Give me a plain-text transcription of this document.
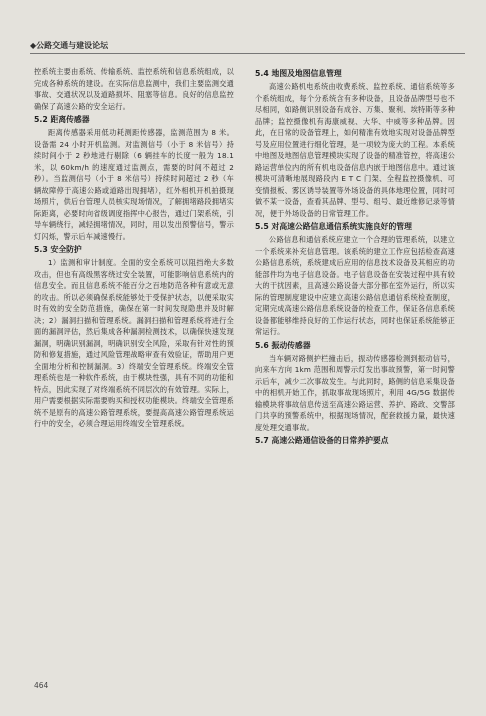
◆公路交通与建设论坛

控系统主要由系统、传输系统、监控系统和信息系统组成，以完成各种系统的建设。在实际信息监测中，我们主要监测交通事故、交通状况以及道路损坏、阻塞等信息。良好的信息监控确保了高速公路的安全运行。

5.2 距离传感器

距离传感器采用低功耗测距传感器，监测范围为 8 米。设备需 24 小时开机监测。对监测信号（小于 8 米信号）持续时间小于 2 秒地进行剔除（6 辆挂车的长度一般为 18.1 米，以 60km/h 的速度通过监测点，需要的时间不超过 2 秒）。当监测信号（小于 8 米信号）持续时间超过 2 秒（车辆故障停于高速公路或道路出现拥堵），红外相机开机拍摄现场照片，供后台管理人员核实现场情况，了解拥堵路段拥堵实际距离，必要时向省级调度指挥中心报告，通过门架系统，引导车辆绕行，减轻拥堵情况，同时，用以发出预警信号，警示灯闪烁，警示后车减速慢行。

5.3 安全防护

1）监测和审计制度。全面的安全系统可以阻挡绝大多数攻击，但也有高级黑客绕过安全装置，可能影响信息系统内的信息安全。而且信息系统不能百分之百地防范各种有意或无意的攻击。所以必须确保系统能够处于受保护状态，以便采取实时有效的安全防范措施，确保在第一时间发现隐患并及时解决；2）漏洞扫描和管理系统。漏洞扫描和管理系统将进行全面的漏洞评估，然后集成各种漏洞检测技术，以确保快速发现漏洞，明确识别漏洞，明确识别安全风险，采取有针对性的预防和修复措施，通过风险管理战略审查有效验证，帮助用户更全面地分析和控制漏洞。3）终端安全管理系统。终端安全管理系统也是一种软件系统，由于模块性强，具有不同的功能和特点，因此实现了对终端系统不同层次的有效管理。实际上，用户需要根据实际需要购买和授权功能模块。终端安全管理系统不是原有的高速公路管理系统，要提高高速公路管理系统运行中的安全，必须合理运用终端安全管理系统。

5.4 地图及地图信息管理

高速公路机电系统由收费系统、监控系统、通信系统等多个系统组成，每个分系统含有多种设备，且设备品牌型号也不尽相同，如路侧识别设备有成谷、万集、聚利、埃特斯等多种品牌；监控摄像机有海康威视、大华、中威等多种品牌。因此，在日常的设备管理上，如何精准有效地实现对设备品牌型号及应用位置进行细化管理，是一项较为庞大的工程。本系统中地图及地图信息管理模块实现了设备的精准管控，将高速公路运营单位内的所有机电设备信息内嵌于地图信息中。通过该模块可清晰地展现路段内 E T C 门架、全程监控摄像机、可变情报板、雾区诱导装置等外场设备的具体地理位置，同时可做不某一设备，查看其品牌、型号、组号、最近维修记录等情况，便于外场设备的日常管理工作。

5.5 对高速公路信息通信系统实施良好的管理

公路信息和通信系统应建立一个合理的管理系统，以建立一个系统来补充信息管理。该系统的建立工作应包括检查高速公路信息系统，系统建成后应用的信息技术设备及其相应的功能部件均为电子信息设备。电子信息设备在安装过程中具有较大的干扰因素，且高速公路设备大部分都在室外运行，所以实际的管理制度建设中应建立高速公路信息通信系统检查制度，定期完成高速公路信息系统设备的检查工作，保证各信息系统设备都能够维持良好的工作运行状态，同时也保证系统能够正常运行。

5.6 振动传感器

当车辆对路侧护栏撞击后，振动传感器检测到振动信号，向来车方向 1km 范围和周警示灯发出事故预警，第一时间警示后车，减少二次事故发生。与此同时，路侧的信息采集设备中的相机开始工作，抓取事故现场照片，利用 4G/5G 数据传输模块将事故信息传送至高速公路运营、养护、路政、交警部门共享的预警系统中，根据现场情况，配套救援力量，最快速度处理交通事故。

5.7 高速公路通信设备的日常养护要点
464
